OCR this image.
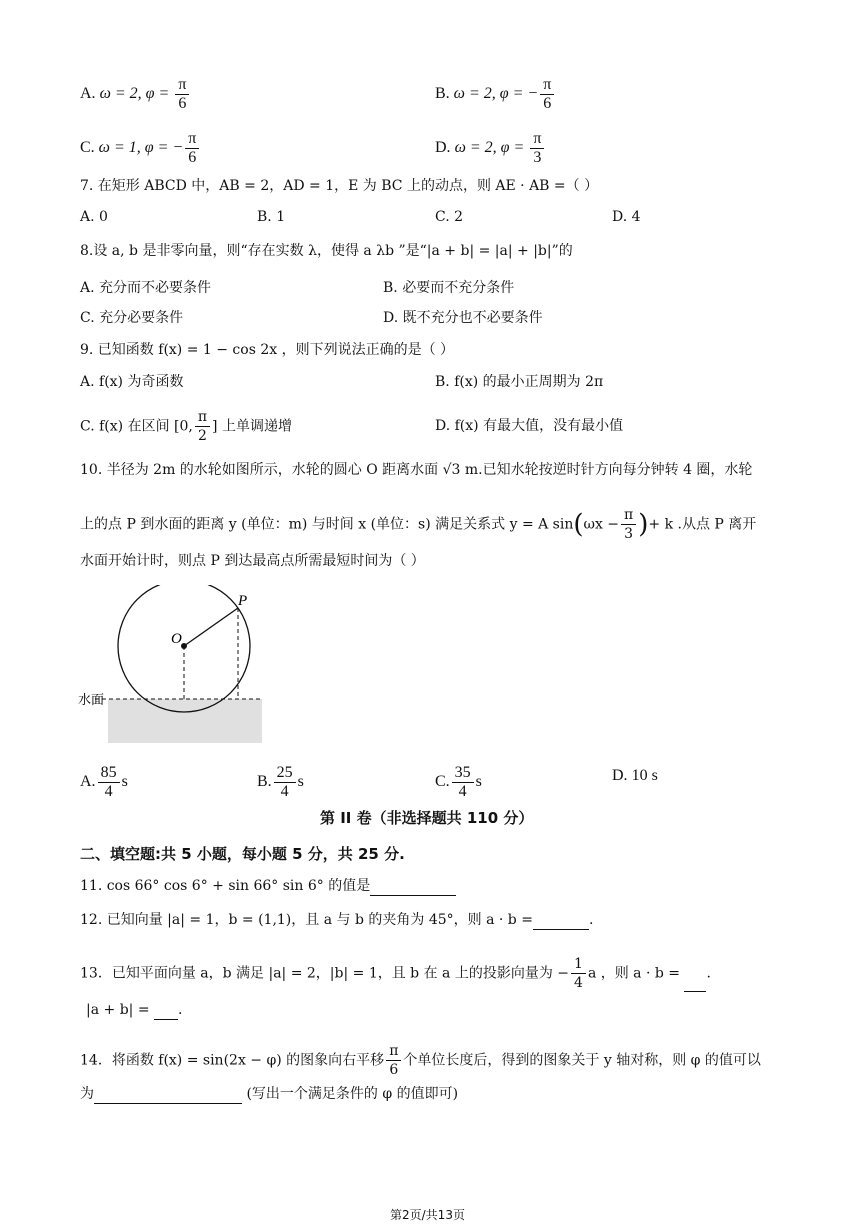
A. ω = 2, $\varphi = \frac{\pi}{6}$	B. ω = 2, φ = − $\frac{\pi}{6}$
C. ω = 1, φ = − $\frac{\pi}{6}$	D. ω = 2, $\varphi = \frac{\pi}{3}$
7. 在矩形 ABCD 中，AB = 2，AD = 1，E 为 BC 上的动点，则 AE · AB =（ ）
A. 0	B. 1	C. 2	D. 4
8.设 a, b 是非零向量，则“存在实数 λ，使得 a λb ”是“|a + b| = |a| + |b|”的
A. 充分而不必要条件	B. 必要而不充分条件
C. 充分必要条件	D. 既不充分也不必要条件
9. 已知函数 f(x) = 1 − cos 2x ，则下列说法正确的是（ ）
A. f(x) 为奇函数	B. f(x) 的最小正周期为 2π
C. f(x) 在区间 [0, $\frac{\pi}{2}$ ] 上单调递增	D. f(x) 有最大值，没有最小值
10. 半径为 2m 的水轮如图所示，水轮的圆心 O 距离水面 √3 m.已知水轮按逆时针方向每分钟转 4 圈，水轮
上的点 P 到水面的距离 y (单位：m) 与时间 x (单位：s) 满足关系式 y = A $\sin(\omega x - \frac{\pi}{3}$ )+ k .从点 P 离开
水面开始计时，则点 P 到达最高点所需最短时间为（ ）
O
P
水面
A. $\frac{85}{4}$ s	B. $\frac{25}{4}$ s	C. $\frac{35}{4}$ s	D. 10 s
第 II 卷（非选择题共 110 分）
二、填空题:共 5 小题，每小题 5 分，共 25 分.
11. cos 66° cos 6° + sin 66° sin 6° 的值是
12. 已知向量 |a| = 1，b = (1,1)，且 a 与 b 的夹角为 45°，则 a · b =	.
13．已知平面向量 a，b 满足 |a| = 2，|b| = 1，且 b 在 a 上的投影向量为 − $\frac{1}{4}$ a ，则 a · b = .
|a + b| = .
14．将函数 f(x) = sin(2x − φ) 的图象向右平移 $\frac{\pi}{6}$ 个单位长度后，得到的图象关于 y 轴对称，则 φ 的值可以
为	(写出一个满足条件的 φ 的值即可)
第2页/共13页
